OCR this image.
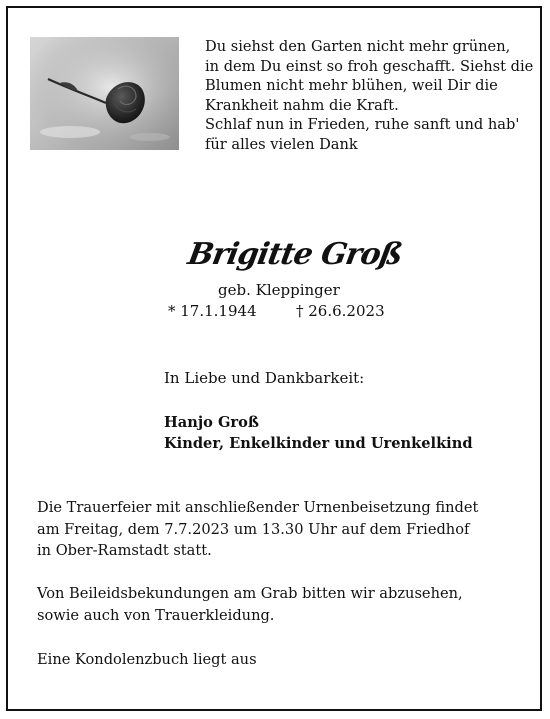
Du siehst den Garten nicht mehr grünen,
in dem Du einst so froh geschafft. Siehst die
Blumen nicht mehr blühen, weil Dir die
Krankheit nahm die Kraft.
Schlaf nun in Frieden, ruhe sanft und hab'
für alles vielen Dank
Brigitte Groß
geb. Kleppinger
* 17.1.1944	† 26.6.2023
In Liebe und Dankbarkeit:
Hanjo Groß
Kinder, Enkelkinder und Urenkelkind
Die Trauerfeier mit anschließender Urnenbeisetzung findet
am Freitag, dem 7.7.2023 um 13.30 Uhr auf dem Friedhof
in Ober-Ramstadt statt.
Von Beileidsbekundungen am Grab bitten wir abzusehen,
sowie auch von Trauerkleidung.
Eine Kondolenzbuch liegt aus
